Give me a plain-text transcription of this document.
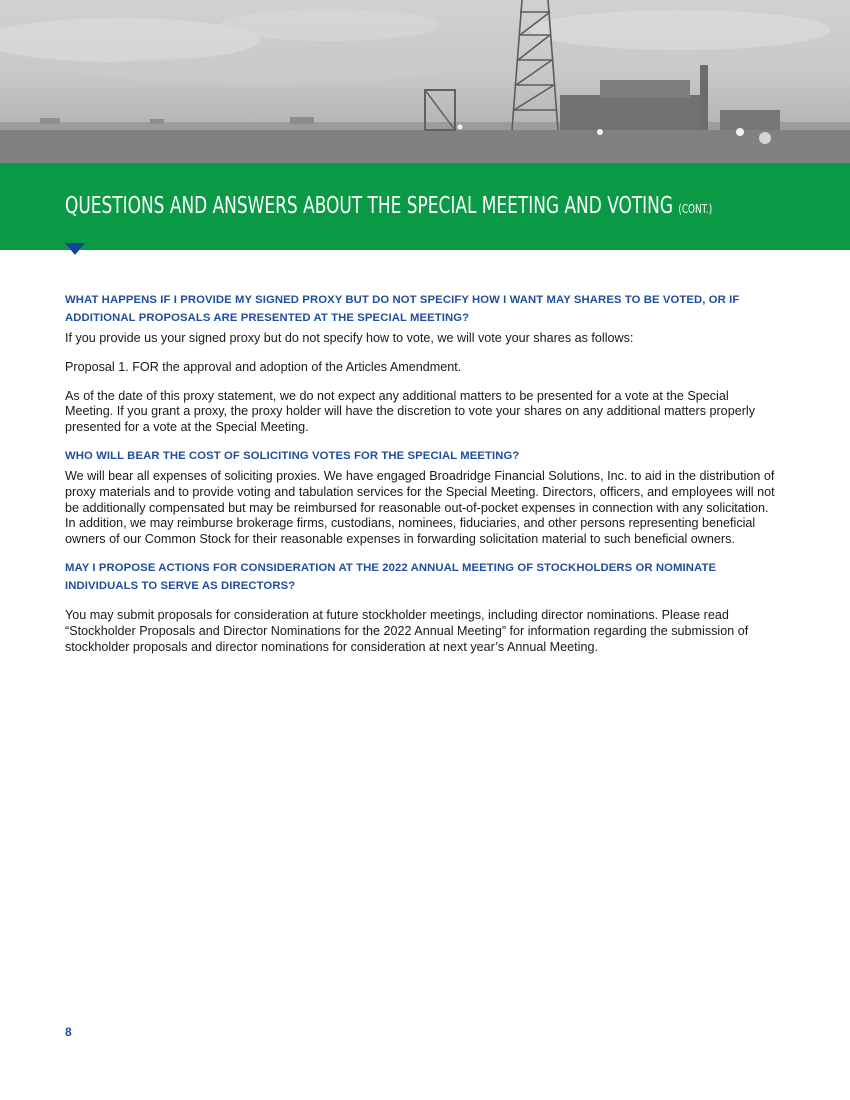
QUESTIONS AND ANSWERS ABOUT THE SPECIAL MEETING AND VOTING (CONT.)

WHAT HAPPENS IF I PROVIDE MY SIGNED PROXY BUT DO NOT SPECIFY HOW I WANT MAY SHARES TO BE VOTED, OR IF ADDITIONAL PROPOSALS ARE PRESENTED AT THE SPECIAL MEETING?

If you provide us your signed proxy but do not specify how to vote, we will vote your shares as follows:

Proposal 1. FOR the approval and adoption of the Articles Amendment.

As of the date of this proxy statement, we do not expect any additional matters to be presented for a vote at the Special Meeting. If you grant a proxy, the proxy holder will have the discretion to vote your shares on any additional matters properly presented for a vote at the Special Meeting.

WHO WILL BEAR THE COST OF SOLICITING VOTES FOR THE SPECIAL MEETING?

We will bear all expenses of soliciting proxies. We have engaged Broadridge Financial Solutions, Inc. to aid in the distribution of proxy materials and to provide voting and tabulation services for the Special Meeting. Directors, officers, and employees will not be additionally compensated but may be reimbursed for reasonable out-of-pocket expenses in connection with any solicitation. In addition, we may reimburse brokerage firms, custodians, nominees, fiduciaries, and other persons representing beneficial owners of our Common Stock for their reasonable expenses in forwarding solicitation material to such beneficial owners.

MAY I PROPOSE ACTIONS FOR CONSIDERATION AT THE 2022 ANNUAL MEETING OF STOCKHOLDERS OR NOMINATE INDIVIDUALS TO SERVE AS DIRECTORS?

You may submit proposals for consideration at future stockholder meetings, including director nominations. Please read “Stockholder Proposals and Director Nominations for the 2022 Annual Meeting” for information regarding the submission of stockholder proposals and director nominations for consideration at next year’s Annual Meeting.

8
